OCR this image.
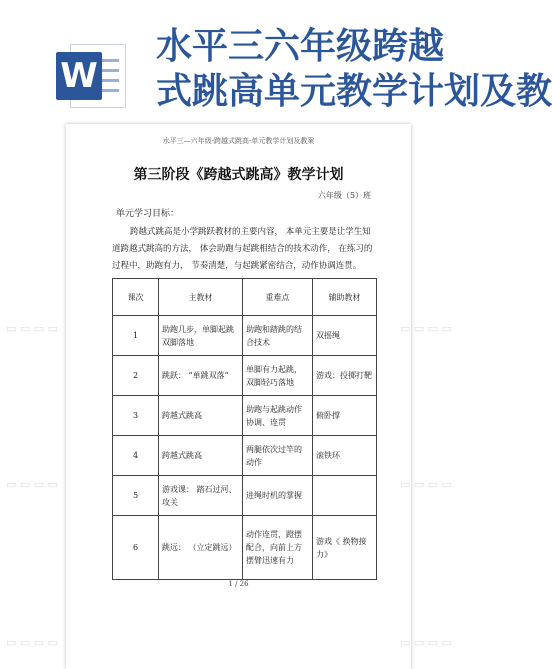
W
水平三六年级跨越
式跳高单元教学计划及教
水平三—六年级-跨越式跳高-单元教学计划及教案
第三阶段《跨越式跳高》教学计划
六年级（5）班
单元学习目标：

跨越式跳高是小学跳跃教材的主要内容， 本单元主要是让学生知道跨越式跳高的方法， 体会助跑与起跳相结合的技术动作， 在练习的过程中，助跑有力， 节奏清楚，与起跳紧密结合，动作协调连贯。

课次	主教材	重难点	辅助教材
1	助跑几步，单脚起跳双脚落地	助跑和踏跳的结合技术	双摇绳
2	跳跃： “单跳双落”	单脚有力起跳，双脚轻巧落地	游戏：投掷打靶
3	跨越式跳高	助跑与起跳动作协调、连贯	俯卧撑
4	跨越式跳高	两腿依次过竿的动作	滚铁环
5	游戏课： 踏石过河、攻关	进绳时机的掌握	
6	跳远： （立定跳远）	动作连贯，蹬摆配合，向前上方摆臂迅速有力	游戏《 换物接力》
1 / 26
▭ ▭ ▭ ▭
▭ ▭ ▭ ▭
▭ ▭ ▭ ▭
▭ ▭ ▭ ▭
▭ ▭ ▭ ▭
▭ ▭ ▭ ▭
